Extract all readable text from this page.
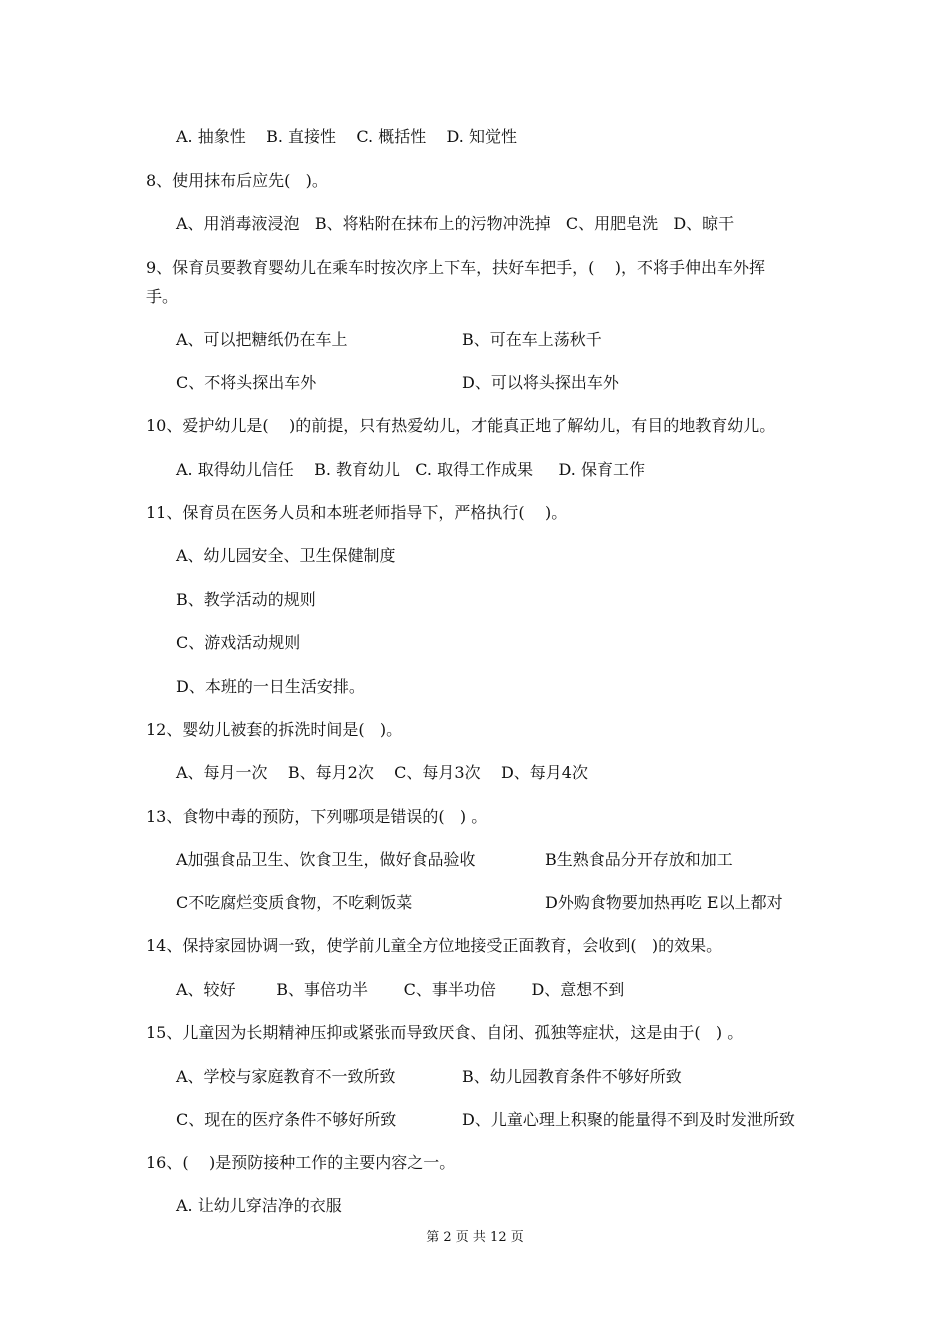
A. 抽象性    B. 直接性    C. 概括性    D. 知觉性
8、使用抹布后应先(   )。
A、用消毒液浸泡   B、将粘附在抹布上的污物冲洗掉   C、用肥皂洗   D、晾干
9、保育员要教育婴幼儿在乘车时按次序上下车，扶好车把手，(    )，不将手伸出车外挥
手。
A、可以把糖纸仍在车上	B、可在车上荡秋千
C、不将头探出车外	D、可以将头探出车外
10、爱护幼儿是(    )的前提，只有热爱幼儿，才能真正地了解幼儿，有目的地教育幼儿。
A. 取得幼儿信任    B. 教育幼儿   C. 取得工作成果     D. 保育工作
11、保育员在医务人员和本班老师指导下，严格执行(    )。
A、幼儿园安全、卫生保健制度
B、教学活动的规则
C、游戏活动规则
D、本班的一日生活安排。
12、婴幼儿被套的拆洗时间是(   )。
A、每月一次    B、每月2次    C、每月3次    D、每月4次
13、食物中毒的预防，下列哪项是错误的(   ) 。
A加强食品卫生、饮食卫生，做好食品验收	B生熟食品分开存放和加工
C不吃腐烂变质食物，不吃剩饭菜	D外购食物要加热再吃 E以上都对
14、保持家园协调一致，使学前儿童全方位地接受正面教育，会收到(   )的效果。
A、较好        B、事倍功半       C、事半功倍       D、意想不到
15、儿童因为长期精神压抑或紧张而导致厌食、自闭、孤独等症状，这是由于(   ) 。
A、学校与家庭教育不一致所致	B、幼儿园教育条件不够好所致
C、现在的医疗条件不够好所致	D、儿童心理上积聚的能量得不到及时发泄所致
16、(    )是预防接种工作的主要内容之一。
A. 让幼儿穿洁净的衣服
第 2 页 共 12 页
